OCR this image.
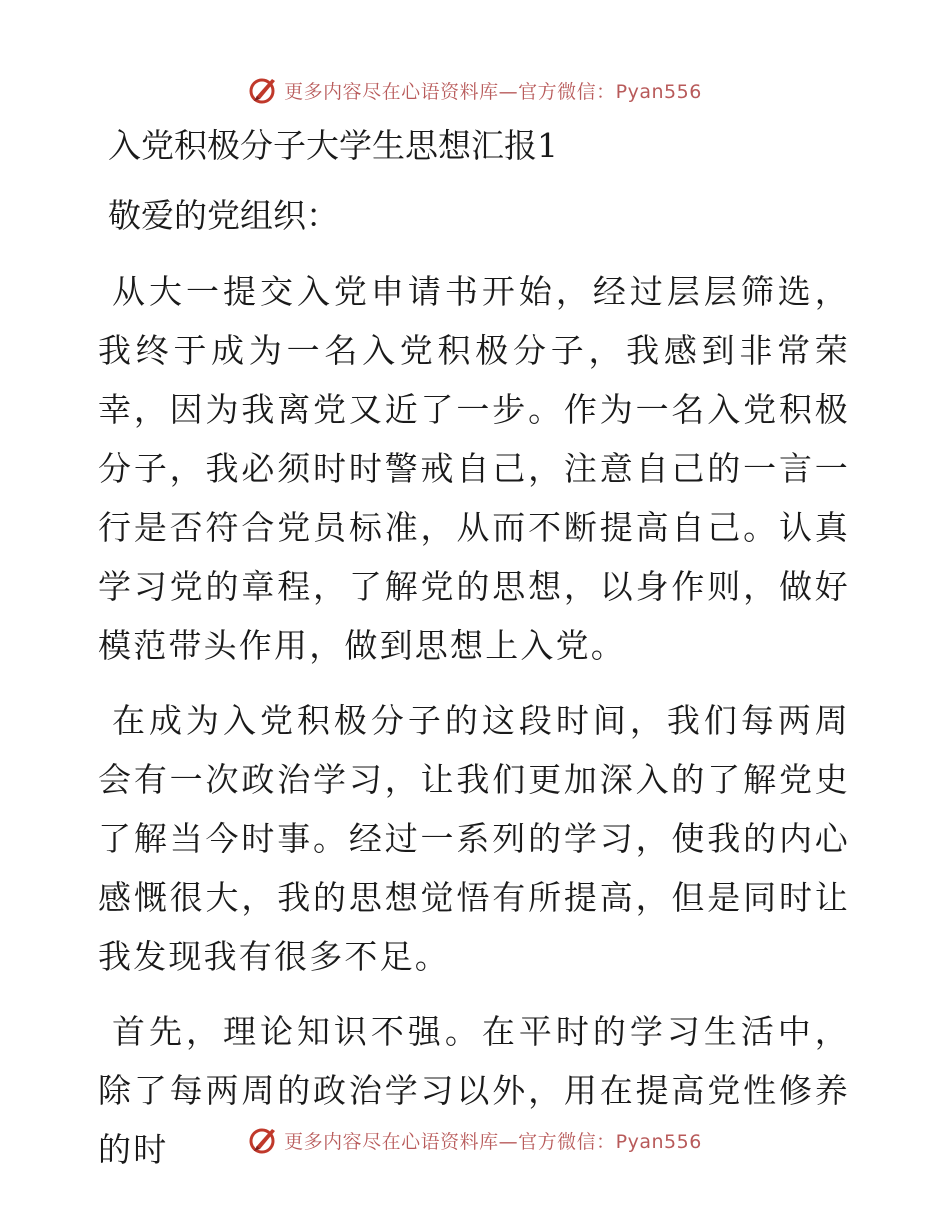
更多内容尽在心语资料库—官方微信：Pyan556
入党积极分子大学生思想汇报1

敬爱的党组织：

从大一提交入党申请书开始，经过层层筛选，我终于成为一名入党积极分子，我感到非常荣幸，因为我离党又近了一步。作为一名入党积极分子，我必须时时警戒自己，注意自己的一言一行是否符合党员标准，从而不断提高自己。认真学习党的章程，了解党的思想，以身作则，做好模范带头作用，做到思想上入党。

在成为入党积极分子的这段时间，我们每两周会有一次政治学习，让我们更加深入的了解党史了解当今时事。经过一系列的学习，使我的内心感慨很大，我的思想觉悟有所提高，但是同时让我发现我有很多不足。

首先，理论知识不强。在平时的学习生活中，除了每两周的政治学习以外，用在提高党性修养的时	更多内容尽在心语资料库—官方微信：Pyan556
